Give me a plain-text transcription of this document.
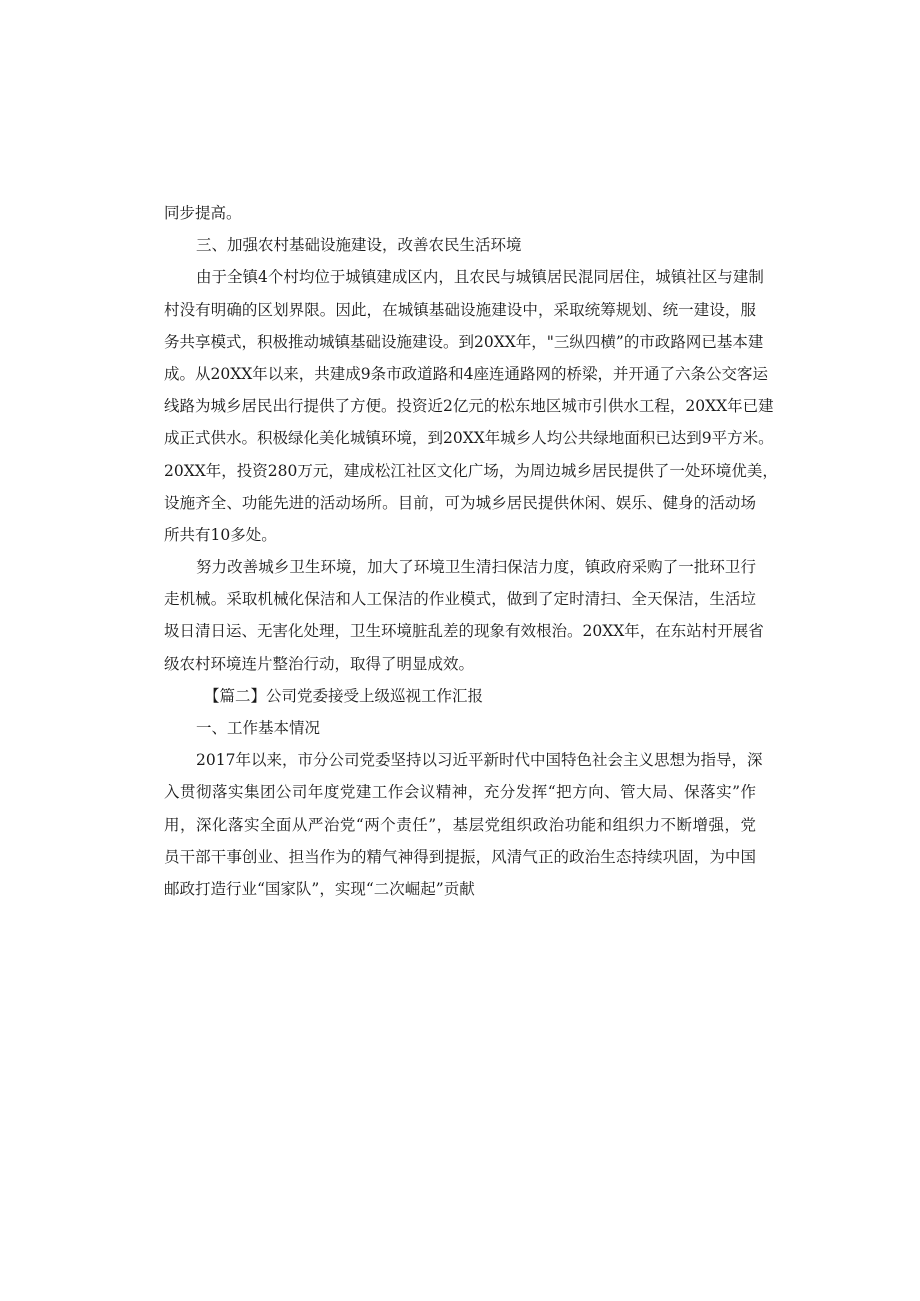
同步提高。
三、加强农村基础设施建设，改善农民生活环境
由于全镇4个村均位于城镇建成区内，且农民与城镇居民混同居住，城镇社区与建制
村没有明确的区划界限。因此，在城镇基础设施建设中，采取统筹规划、统一建设，服
务共享模式，积极推动城镇基础设施建设。到20XX年，"三纵四横”的市政路网已基本建
成。从20XX年以来，共建成9条市政道路和4座连通路网的桥梁，并开通了六条公交客运
线路为城乡居民出行提供了方便。投资近2亿元的松东地区城市引供水工程，20XX年已建
成正式供水。积极绿化美化城镇环境，到20XX年城乡人均公共绿地面积已达到9平方米。
20XX年，投资280万元，建成松江社区文化广场，为周边城乡居民提供了一处环境优美，
设施齐全、功能先进的活动场所。目前，可为城乡居民提供休闲、娱乐、健身的活动场
所共有10多处。
努力改善城乡卫生环境，加大了环境卫生清扫保洁力度，镇政府采购了一批环卫行
走机械。采取机械化保洁和人工保洁的作业模式，做到了定时清扫、全天保洁，生活垃
圾日清日运、无害化处理，卫生环境脏乱差的现象有效根治。20XX年，在东站村开展省
级农村环境连片整治行动，取得了明显成效。
【篇二】公司党委接受上级巡视工作汇报
一、工作基本情况
2017年以来，市分公司党委坚持以习近平新时代中国特色社会主义思想为指导，深
入贯彻落实集团公司年度党建工作会议精神，充分发挥“把方向、管大局、保落实”作
用，深化落实全面从严治党“两个责任”，基层党组织政治功能和组织力不断增强，党
员干部干事创业、担当作为的精气神得到提振，风清气正的政治生态持续巩固，为中国
邮政打造行业“国家队”，实现“二次崛起”贡献
